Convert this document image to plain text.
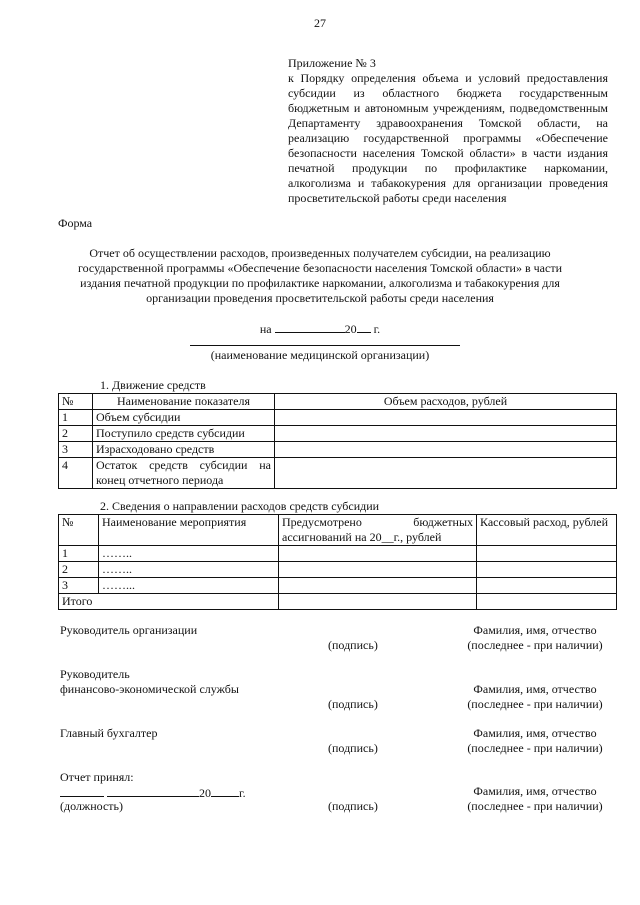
27
Приложение № 3
к Порядку определения объема и условий предоставления субсидии из областного бюджета государственным бюджетным и автономным учреждениям, подведомственным Департаменту здравоохранения Томской области, на реализацию государственной программы «Обеспечение безопасности населения Томской области» в части издания печатной продукции по профилактике наркомании, алкоголизма и табакокурения для организации проведения просветительской работы среди населения
Форма
Отчет об осуществлении расходов, произведенных получателем субсидии, на реализацию
государственной программы «Обеспечение безопасности населения Томской области» в части
издания печатной продукции по профилактике наркомании, алкоголизма и табакокурения для
организации проведения просветительской работы среди населения
на	20 г.
(наименование медицинской организации)
1. Движение средств
№	Наименование показателя	Объем расходов, рублей
1	Объем субсидии	
2	Поступило средств субсидии	
3	Израсходовано средств	
4	Остаток средств субсидии на конец отчетного периода	
2. Сведения о направлении расходов средств субсидии
№	Наименование мероприятия	Предусмотрено бюджетных ассигнований на 20__г., рублей	Кассовый расход, рублей
1	……..		
2	……..		
3	……...		
Итого			
Руководитель организации	Фамилия, имя, отчество
(подпись)	(последнее - при наличии)
Руководитель
финансово-экономической службы	Фамилия, имя, отчество
(подпись)	(последнее - при наличии)
Главный бухгалтер	Фамилия, имя, отчество
(подпись)	(последнее - при наличии)
Отчет принял:
20 г.	Фамилия, имя, отчество
(должность)	(подпись)	(последнее - при наличии)
